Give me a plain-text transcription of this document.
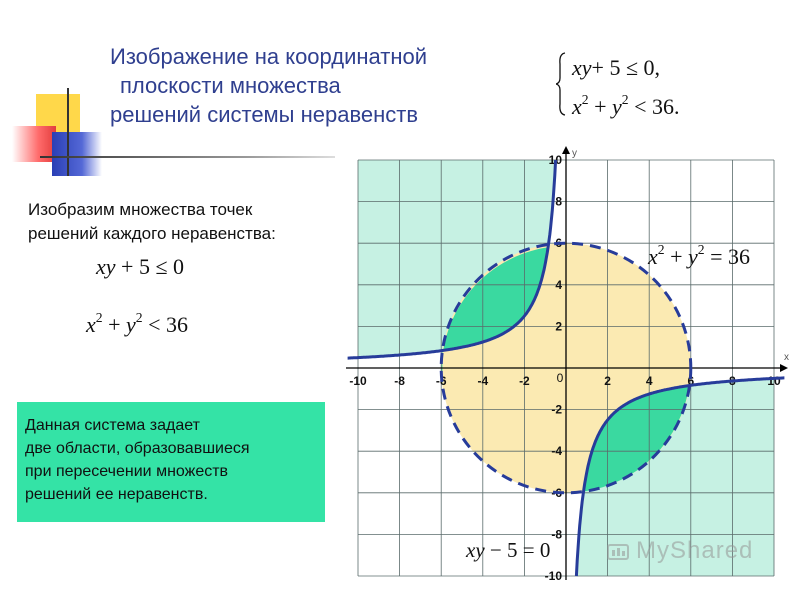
Изображение на координатной
плоскости множества
решений системы неравенств
xy+ 5 ≤ 0,
$x^2 + y^2 < 36$.
Изобразим множества точек
решений каждого неравенства:
xy + 5 ≤ 0
$x^2 + y^2 < 36$
Данная система задает
две области, образовавшиеся
при пересечении множеств
решений ее неравенств.
-10 -8	-6	-4	-2	2	4	6	8	10
10
8
6
4
2
-2
-4
-6
-8
-10
0
x
y
$x^2 + y^2 = 36$
xy − 5 = 0	MyShared
